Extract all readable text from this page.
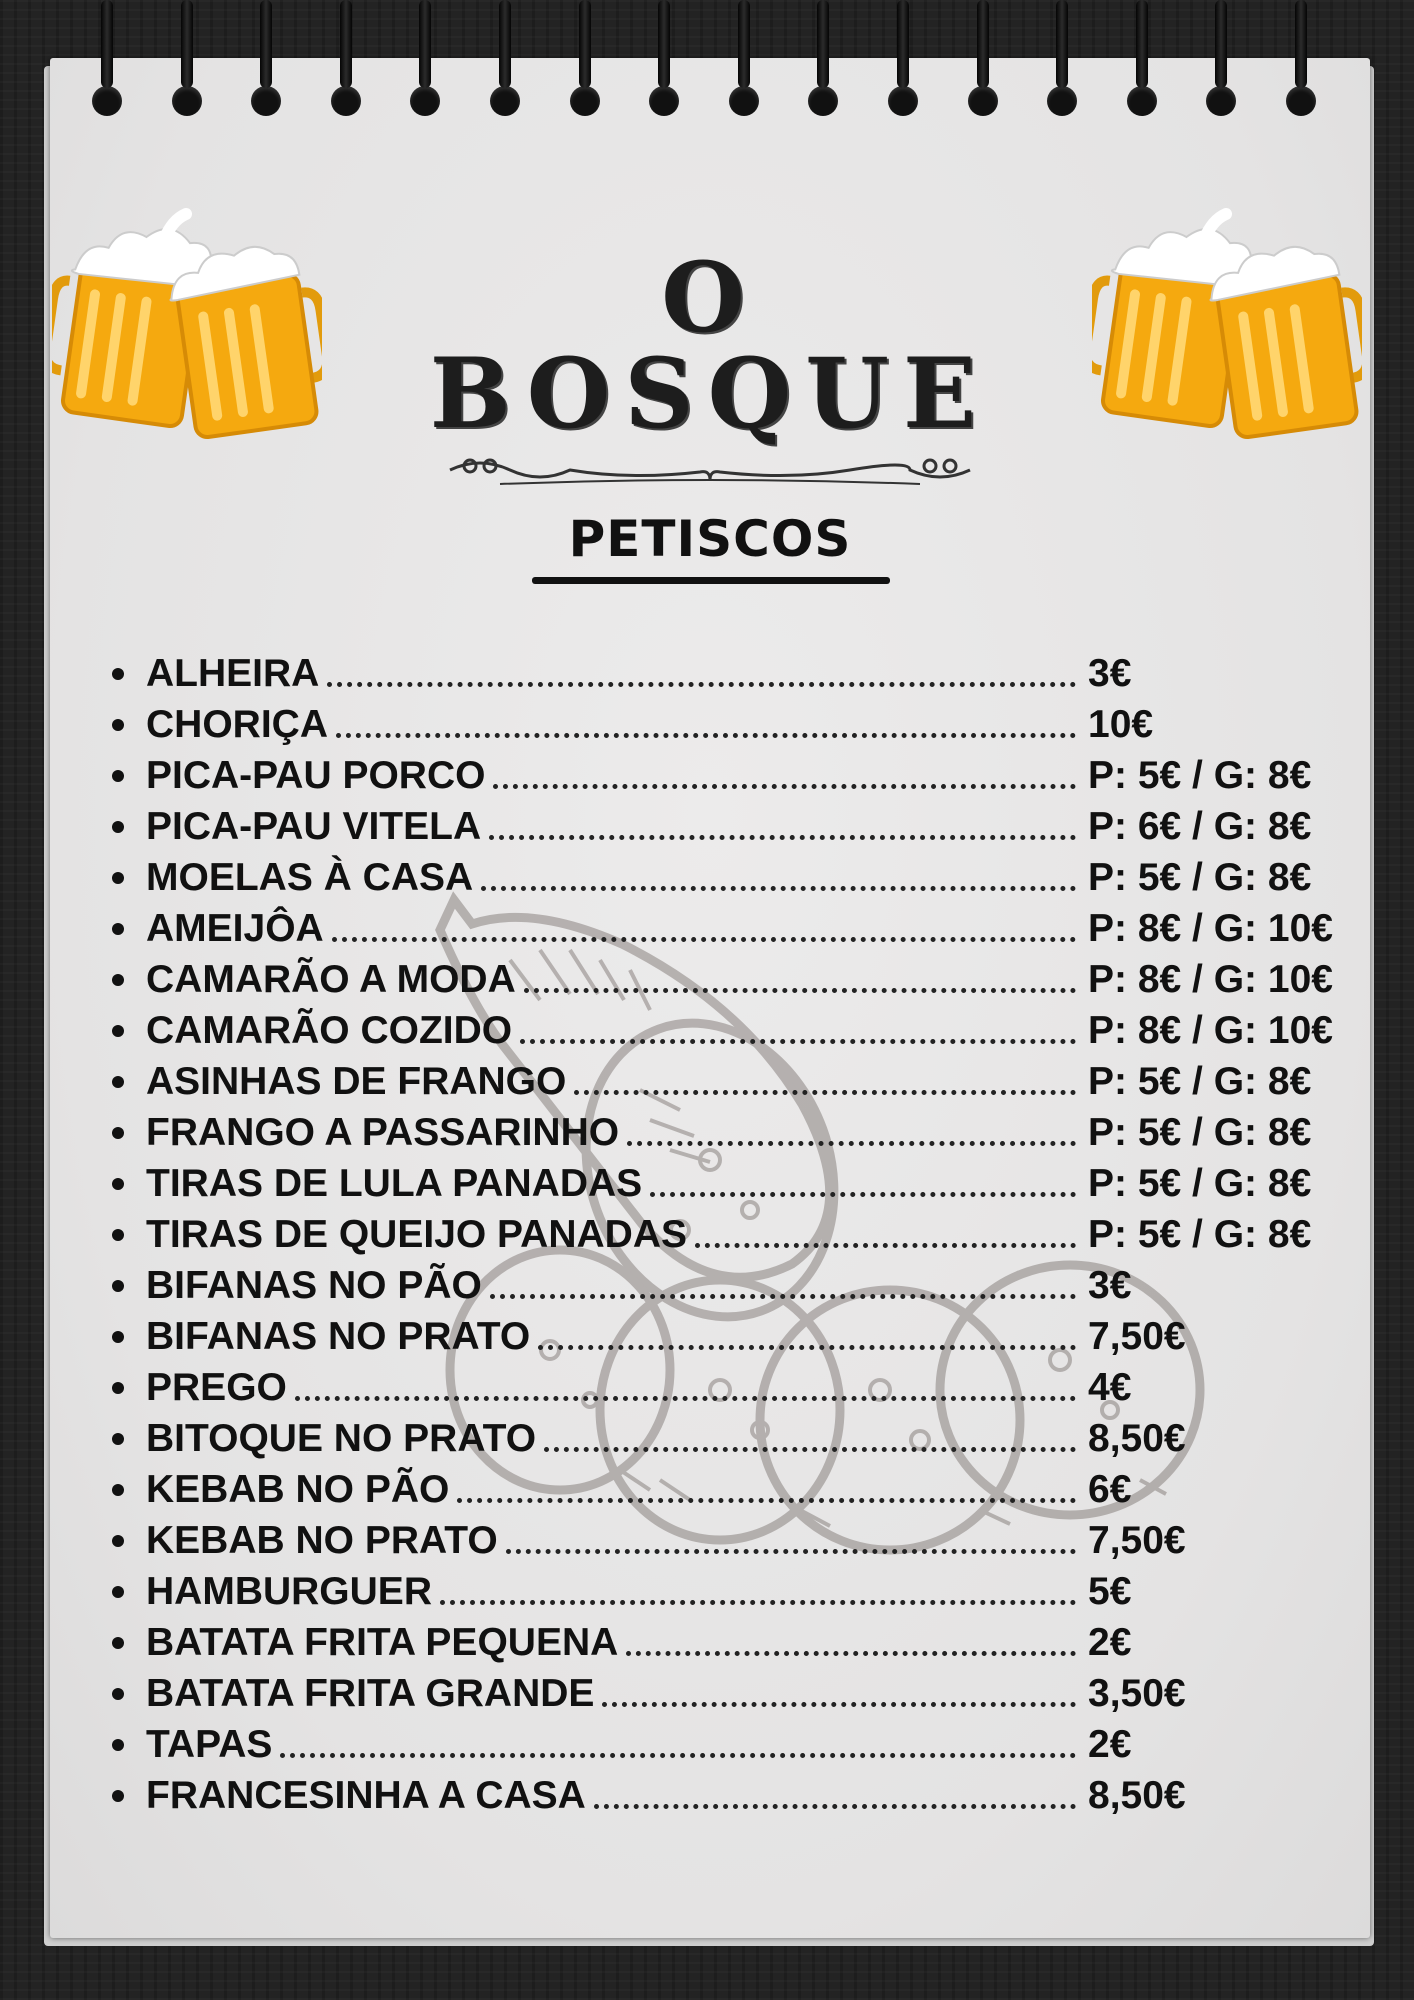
O BOSQUE
PETISCOS
ALHEIRA	3€
CHORIÇA	10€
PICA-PAU PORCO	P: 5€ / G: 8€
PICA-PAU VITELA	P: 6€ / G: 8€
MOELAS À CASA	P: 5€ / G: 8€
AMEIJÔA	P: 8€ / G: 10€
CAMARÃO A MODA	P: 8€ / G: 10€
CAMARÃO COZIDO	P: 8€ / G: 10€
ASINHAS DE FRANGO	P: 5€ / G: 8€
FRANGO A PASSARINHO	P: 5€ / G: 8€
TIRAS DE LULA PANADAS	P: 5€ / G: 8€
TIRAS DE QUEIJO PANADAS	P: 5€ / G: 8€
BIFANAS NO PÃO	3€
BIFANAS NO PRATO	7,50€
PREGO	4€
BITOQUE NO PRATO	8,50€
KEBAB NO PÃO	6€
KEBAB NO PRATO	7,50€
HAMBURGUER	5€
BATATA FRITA PEQUENA	2€
BATATA FRITA GRANDE	3,50€
TAPAS	2€
FRANCESINHA A CASA	8,50€
